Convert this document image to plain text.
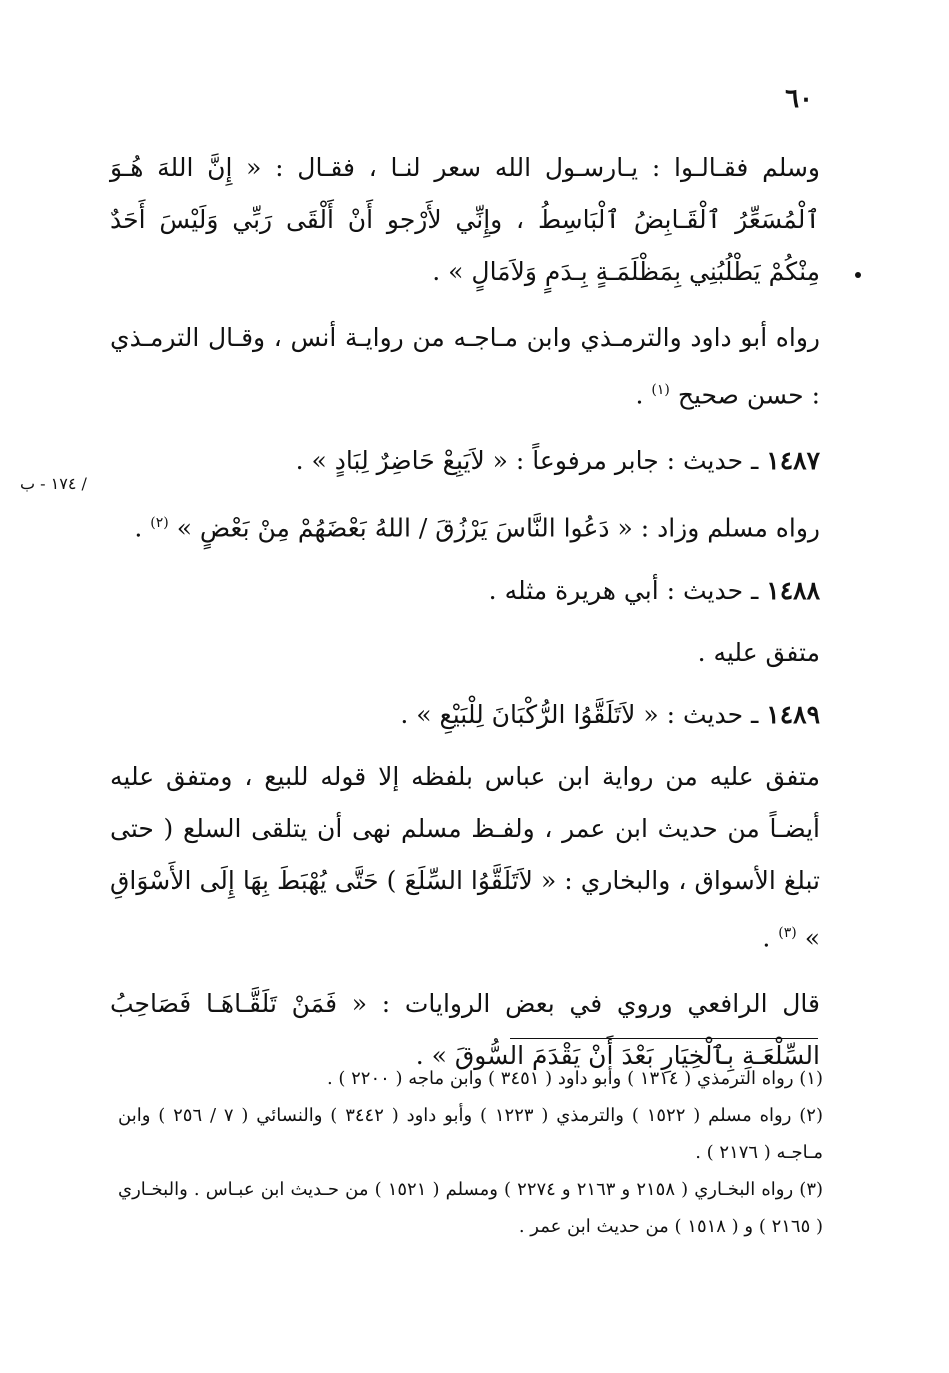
٦٠
/ ١٧٤ - ب

وسلم فقـالـوا : يـارسـول الله سعر لنـا ، فقـال : « إِنَّ اللهَ هُـوَ ٱلْمُسَعِّرُ ٱلْقَـابِضُ ٱلْبَاسِطُ ، وإِنِّي لأَرْجو أَنْ أَلْقَى رَبِّي وَلَيْسَ أَحَدٌ مِنْكُمْ يَطْلُبُنِي بِمَظْلَمَـةٍ بِـدَمٍ وَلاَمَالٍ » .

رواه أبو داود والترمـذي وابن مـاجـه من روايـة أنس ، وقـال الترمـذي : حسن صحيح $^{(١)}$ .

١٤٨٧ ـ حديث : جابر مرفوعاً : « لاَيَبِعْ حَاضِرٌ لِبَادٍ » .

رواه مسلم وزاد : « دَعُوا النَّاسَ يَرْزُقَ / اللهُ بَعْضَهُمْ مِنْ بَعْضٍ » $^{(٢)}$ .

١٤٨٨ ـ حديث : أبي هريرة مثله .

متفق عليه .

١٤٨٩ ـ حديث : « لاَتَلَقَّوُا الرُّكْبَانَ لِلْبَيْعِ » .

متفق عليه من رواية ابن عباس بلفظه إلا قوله للبيع ، ومتفق عليه أيضـاً من حديث ابن عمر ، ولفـظ مسلم نهى أن يتلقى السلع ( حتى تبلغ الأسواق ، والبخاري : « لاَتَلَقَّوُا السِّلَعَ ) حَتَّى يُهْبَطَ بِهَا إِلَى الأَسْوَاقِ » $^{(٣)}$ .

قال الرافعي وروي في بعض الروايات : « فَمَنْ تَلَقَّـاهَـا فَصَاحِبُ السِّلْعَـةِ بِٱلْخِيَارِ بَعْدَ أَنْ يَقْدَمَ السُّوقَ » .

(١) رواه الترمذي ( ١٣١٤ ) وأبو داود ( ٣٤٥١ ) وابن ماجه ( ٢٢٠٠ ) .

(٢) رواه مسلم ( ١٥٢٢ ) والترمذي ( ١٢٢٣ ) وأبو داود ( ٣٤٤٢ ) والنسائي ( ٧ / ٢٥٦ ) وابن مـاجـه ( ٢١٧٦ ) .

(٣) رواه البخـاري ( ٢١٥٨ و ٢١٦٣ و ٢٢٧٤ ) ومسلم ( ١٥٢١ ) من حـديث ابن عبـاس . والبخـاري ( ٢١٦٥ ) و ( ١٥١٨ ) من حديث ابن عمر .
